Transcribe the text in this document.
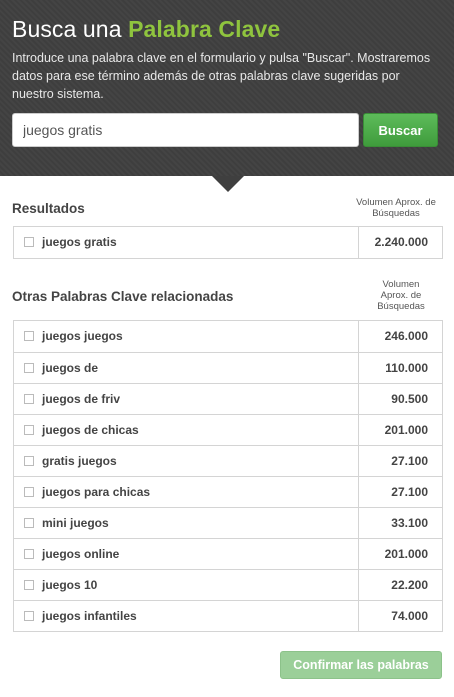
Busca una Palabra Clave

Introduce una palabra clave en el formulario y pulsa "Buscar". Mostraremos datos para ese término además de otras palabras clave sugeridas por nuestro sistema.

juegos gratis
Buscar
Resultados	Volumen Aprox. de Búsquedas
juegos gratis	2.240.000
Otras Palabras Clave relacionadas
Volumen Aprox. de Búsquedas
juegos juegos	246.000
juegos de	110.000
juegos de friv	90.500
juegos de chicas	201.000
gratis juegos	27.100
juegos para chicas	27.100
mini juegos	33.100
juegos online	201.000
juegos 10	22.200
juegos infantiles	74.000
Confirmar las palabras
